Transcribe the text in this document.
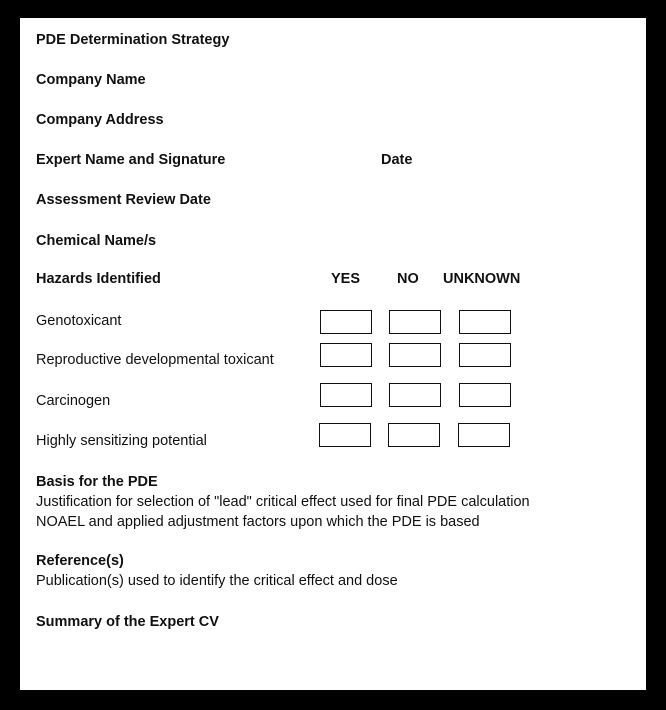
PDE Determination Strategy
Company Name
Company Address
Expert Name and Signature	Date
Assessment Review Date
Chemical Name/s
Hazards Identified	YES	NO UNKNOWN
Genotoxicant
Reproductive developmental toxicant
Carcinogen
Highly sensitizing potential
Basis for the PDE
Justification for selection of "lead" critical effect used for final PDE calculation
NOAEL and applied adjustment factors upon which the PDE is based
Reference(s)
Publication(s) used to identify the critical effect and dose
Summary of the Expert CV
